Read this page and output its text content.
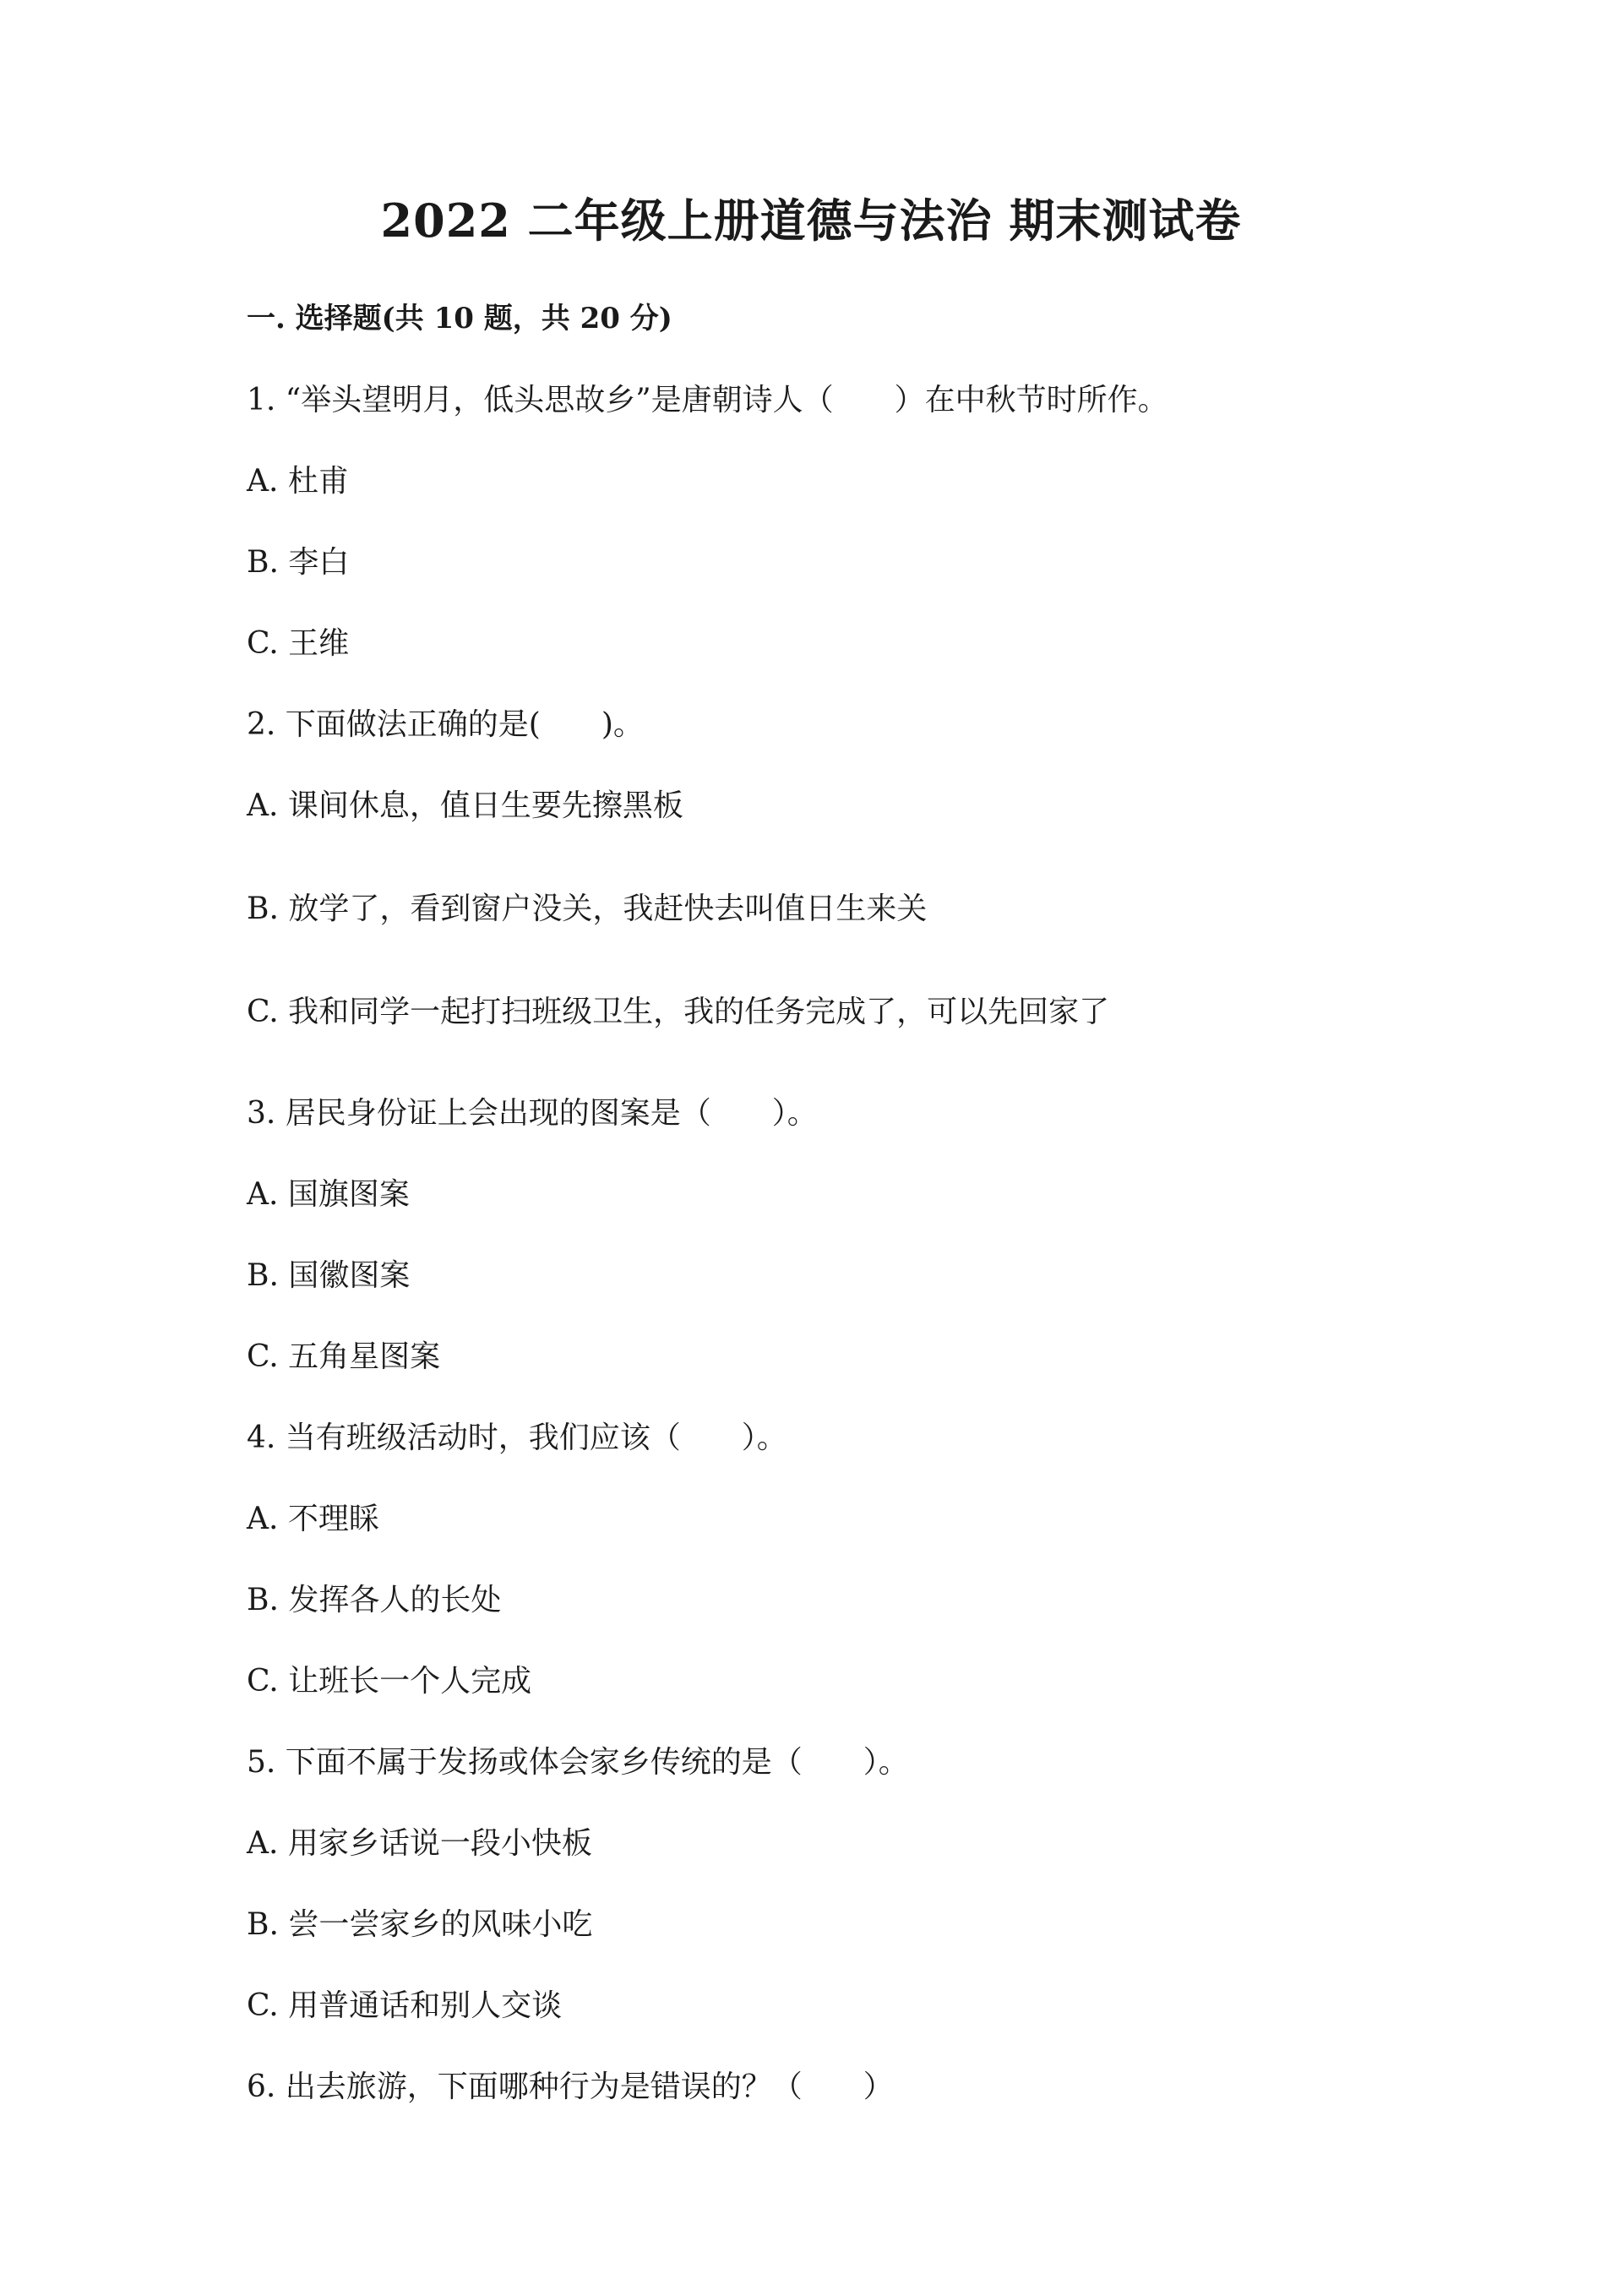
2022 二年级上册道德与法治 期末测试卷
一. 选择题(共 10 题，共 20 分)
1. “举头望明月，低头思故乡”是唐朝诗人（　　）在中秋节时所作。
A. 杜甫
B. 李白
C. 王维
2. 下面做法正确的是(　　)。
A. 课间休息，值日生要先擦黑板
B. 放学了，看到窗户没关，我赶快去叫值日生来关
C. 我和同学一起打扫班级卫生，我的任务完成了，可以先回家了
3. 居民身份证上会出现的图案是（　　）。
A. 国旗图案
B. 国徽图案
C. 五角星图案
4. 当有班级活动时，我们应该（　　）。
A. 不理睬
B. 发挥各人的长处
C. 让班长一个人完成
5. 下面不属于发扬或体会家乡传统的是（　　）。
A. 用家乡话说一段小快板
B. 尝一尝家乡的风味小吃
C. 用普通话和别人交谈
6. 出去旅游，下面哪种行为是错误的？（　　）
